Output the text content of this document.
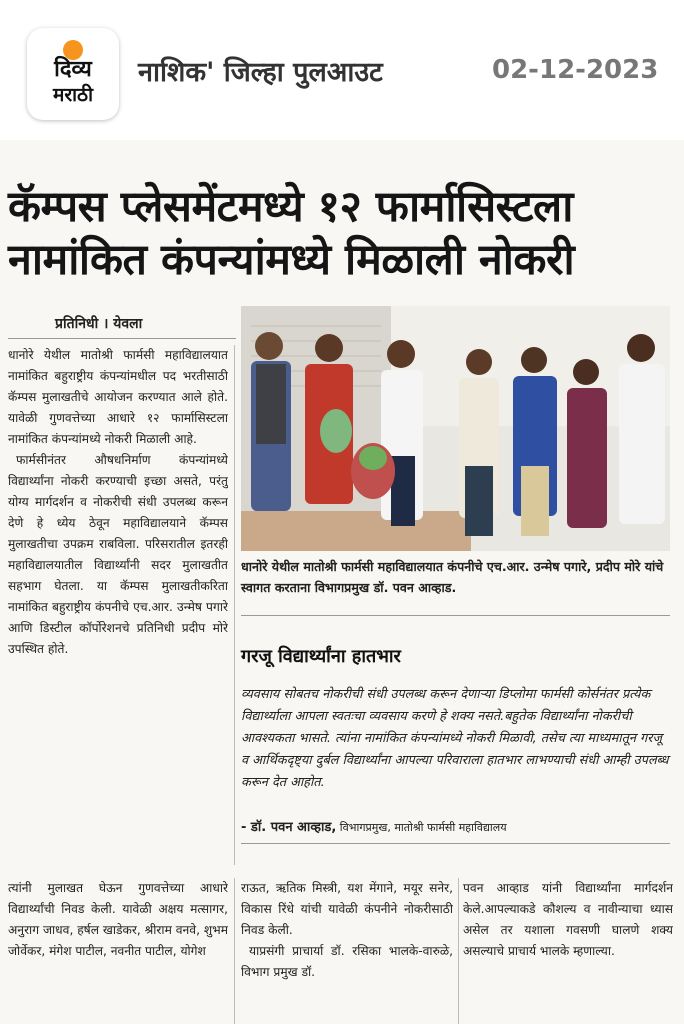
दिव्य
मराठी
नाशिक' जिल्हा पुलआउट	02-12-2023
कॅम्पस प्लेसमेंटमध्ये १२ फार्मासिस्टला
नामांकित कंपन्यांमध्ये मिळाली नोकरी
प्रतिनिधी । येवला

धानोरे येथील मातोश्री फार्मसी महाविद्यालयात नामांकित बहुराष्ट्रीय कंपन्यांमधील पद भरतीसाठी कॅम्पस मुलाखतीचे आयोजन करण्यात आले होते. यावेळी गुणवत्तेच्या आधारे १२ फार्मासिस्टला नामांकित कंपन्यांमध्ये नोकरी मिळाली आहे.

फार्मसीनंतर औषधनिर्माण कंपन्यांमध्ये विद्यार्थ्यांना नोकरी करण्याची इच्छा असते, परंतु योग्य मार्गदर्शन व नोकरीची संधी उपलब्ध करून देणे हे ध्येय ठेवून महाविद्यालयाने कॅम्पस मुलाखतीचा उपक्रम राबविला. परिसरातील इतरही महाविद्यालयातील विद्यार्थ्यांनी सदर मुलाखतीत सहभाग घेतला. या कॅम्पस मुलाखतीकरिता नामांकित बहुराष्ट्रीय कंपनीचे एच.आर. उन्मेष पगारे आणि डिस्टील कॉर्पोरेशनचे प्रतिनिधी प्रदीप मोरे उपस्थित होते.

धानोरे येथील मातोश्री फार्मसी महाविद्यालयात कंपनीचे एच.आर. उन्मेष पगारे, प्रदीप मोरे यांचे स्वागत करताना विभागप्रमुख डॉ. पवन आव्हाड.
गरजू विद्यार्थ्यांना हातभार
व्यवसाय सोबतच नोकरीची संधी उपलब्ध करून देणाऱ्या डिप्लोमा फार्मसी कोर्सनंतर प्रत्येक विद्यार्थ्याला आपला स्वतःचा व्यवसाय करणे हे शक्य नसते.बहुतेक विद्यार्थ्यांना नोकरीची आवश्यकता भासते. त्यांना नामांकित कंपन्यांमध्ये नोकरी मिळावी, तसेच त्या माध्यमातून गरजू व आर्थिकदृष्ट्या दुर्बल विद्यार्थ्यांना आपल्या परिवाराला हातभार लाभण्याची संधी आम्ही उपलब्ध करून देत आहोत.
- डॉ. पवन आव्हाड, विभागप्रमुख, मातोश्री फार्मसी महाविद्यालय
त्यांनी मुलाखत घेऊन गुणवत्तेच्या आधारे विद्यार्थ्यांची निवड केली. यावेळी अक्षय मत्सागर, अनुराग जाधव, हर्षल खाडेकर, श्रीराम वनवे, शुभम जोर्वेकर, मंगेश पाटील, नवनीत पाटील, योगेश

राऊत, ऋतिक मिस्त्री, यश मेंगाने, मयूर सनेर, विकास रिंधे यांची यावेळी कंपनीने नोकरीसाठी निवड केली.

याप्रसंगी प्राचार्या डॉ. रसिका भालके-वारुळे, विभाग प्रमुख डॉ.

पवन आव्हाड यांनी विद्यार्थ्यांना मार्गदर्शन केले.आपल्याकडे कौशल्य व नावीन्याचा ध्यास असेल तर यशाला गवसणी घालणे शक्य असल्याचे प्राचार्य भालके म्हणाल्या.
